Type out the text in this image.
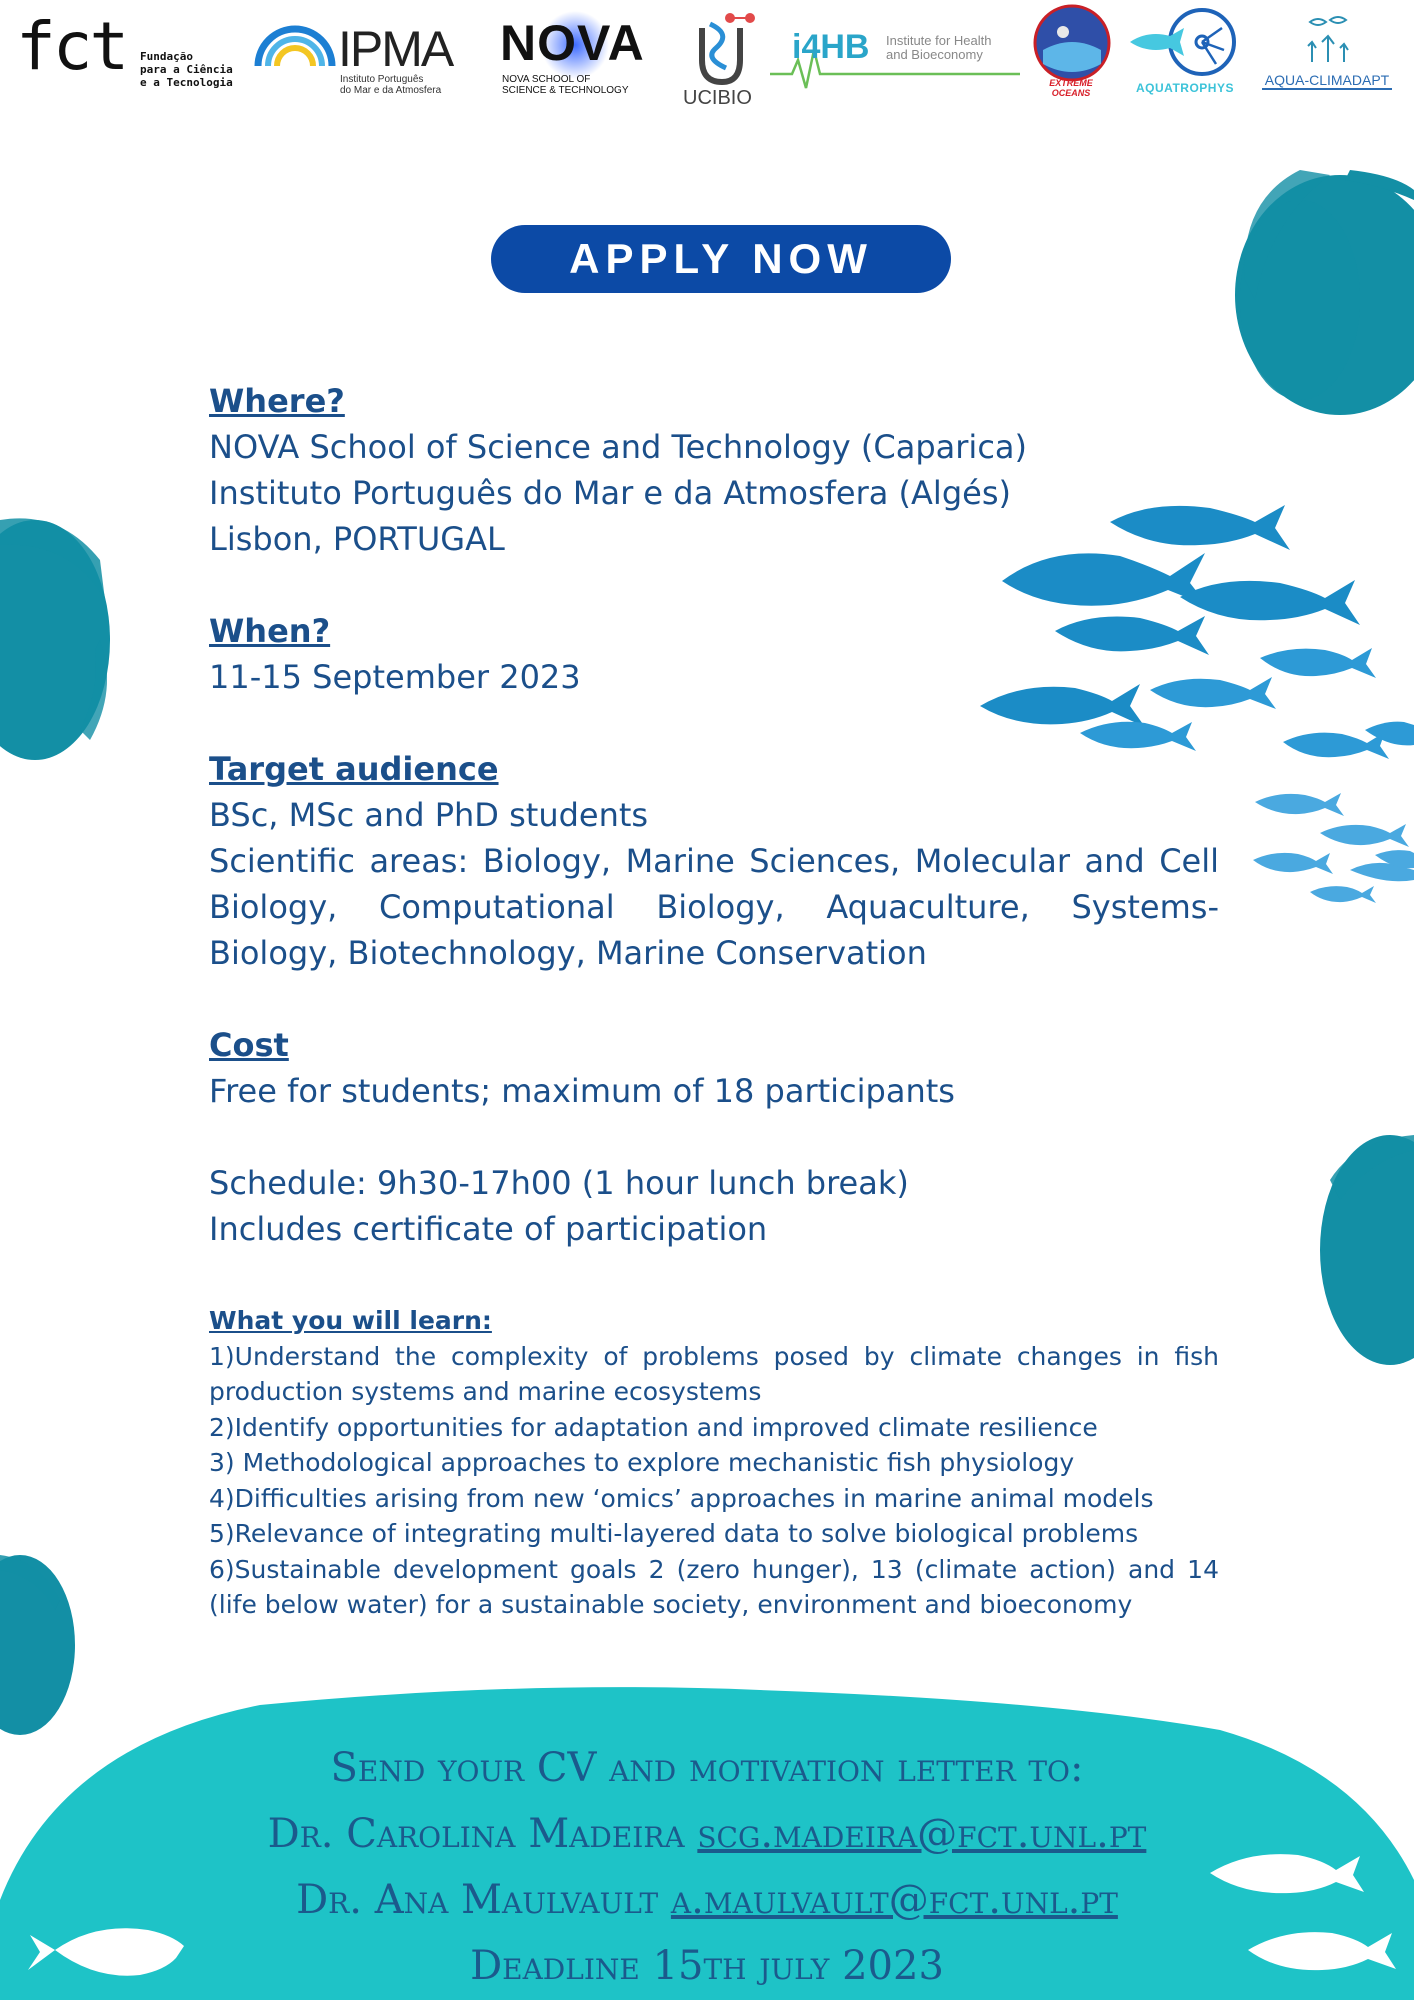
fct Fundação
para a Ciência
e a Tecnologia
IPMA
Instituto Português
do Mar e da Atmosfera
NOVA
NOVA SCHOOL OF
SCIENCE & TECHNOLOGY	UCIBIO
i4HB Institute for Health
and Bioeconomy
EXTREME
OCEANS	AQUATROPHYS	AQUA-CLIMADAPT
APPLY NOW
Where?
NOVA School of Science and Technology (Caparica)
Instituto Português do Mar e da Atmosfera (Algés)
Lisbon, PORTUGAL
When?
11-15 September 2023
Target audience
BSc, MSc and PhD students
Scientific areas: Biology, Marine Sciences, Molecular and Cell Biology, Computational Biology, Aquaculture, Systems-Biology, Biotechnology, Marine Conservation
Cost
Free for students; maximum of 18 participants
Schedule: 9h30-17h00 (1 hour lunch break)
Includes certificate of participation
What you will learn:

1)Understand the complexity of problems posed by climate changes in fish production systems and marine ecosystems

2)Identify opportunities for adaptation and improved climate resilience

3) Methodological approaches to explore mechanistic fish physiology

4)Difficulties arising from new ‘omics’ approaches in marine animal models

5)Relevance of integrating multi-layered data to solve biological problems

6)Sustainable development goals 2 (zero hunger), 13 (climate action) and 14 (life below water) for a sustainable society, environment and bioeconomy

Send your CV and motivation letter to:
Dr. Carolina Madeira scg.madeira@fct.unl.pt
Dr. Ana Maulvault a.maulvault@fct.unl.pt
Deadline 15th july 2023
